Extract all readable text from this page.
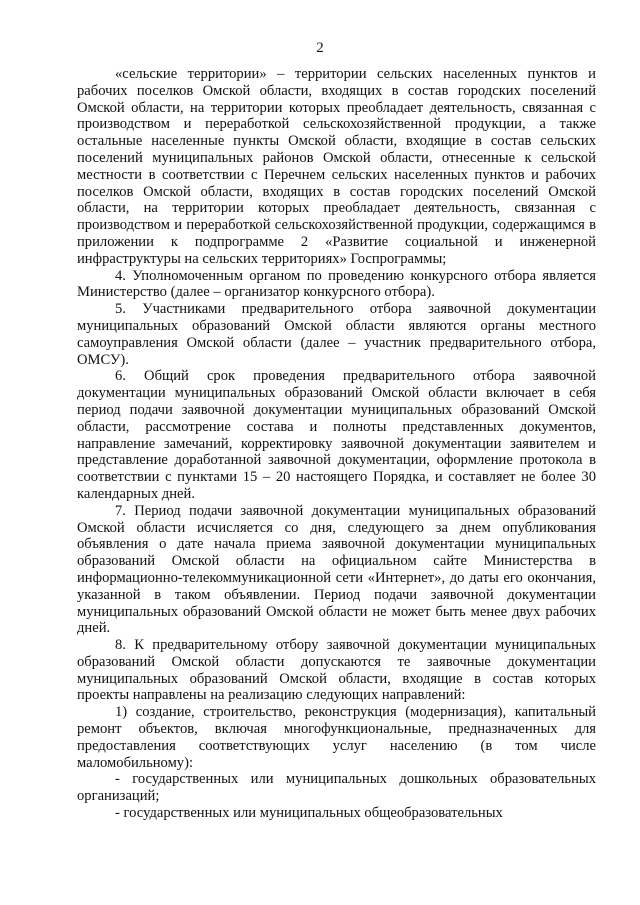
2

«сельские территории» – территории сельских населенных пунктов и рабочих поселков Омской области, входящих в состав городских поселений Омской области, на территории которых преобладает деятельность, связанная с производством и переработкой сельскохозяйственной продукции, а также остальные населенные пункты Омской области, входящие в состав сельских поселений муниципальных районов Омской области, отнесенные к сельской местности в соответствии с Перечнем сельских населенных пунктов и рабочих поселков Омской области, входящих в состав городских поселений Омской области, на территории которых преобладает деятельность, связанная с производством и переработкой сельскохозяйственной продукции, содержащимся в приложении к подпрограмме 2 «Развитие социальной и инженерной инфраструктуры на сельских территориях» Госпрограммы;

4. Уполномоченным органом по проведению конкурсного отбора является Министерство (далее – организатор конкурсного отбора).

5. Участниками предварительного отбора заявочной документации муниципальных образований Омской области являются органы местного самоуправления Омской области (далее – участник предварительного отбора, ОМСУ).

6. Общий срок проведения предварительного отбора заявочной документации муниципальных образований Омской области включает в себя период подачи заявочной документации муниципальных образований Омской области, рассмотрение состава и полноты представленных документов, направление замечаний, корректировку заявочной документации заявителем и представление доработанной заявочной документации, оформление протокола в соответствии с пунктами 15 – 20 настоящего Порядка, и составляет не более 30 календарных дней.

7. Период подачи заявочной документации муниципальных образований Омской области исчисляется со дня, следующего за днем опубликования объявления о дате начала приема заявочной документации муниципальных образований Омской области на официальном сайте Министерства в информационно-телекоммуникационной сети «Интернет», до даты его окончания, указанной в таком объявлении. Период подачи заявочной документации муниципальных образований Омской области не может быть менее двух рабочих дней.

8. К предварительному отбору заявочной документации муниципальных образований Омской области допускаются те заявочные документации муниципальных образований Омской области, входящие в состав которых проекты направлены на реализацию следующих направлений:

1) создание, строительство, реконструкция (модернизация), капитальный ремонт объектов, включая многофункциональные, предназначенных для предоставления соответствующих услуг населению (в том числе маломобильному):

- государственных или муниципальных дошкольных образовательных организаций;

- государственных или муниципальных общеобразовательных
